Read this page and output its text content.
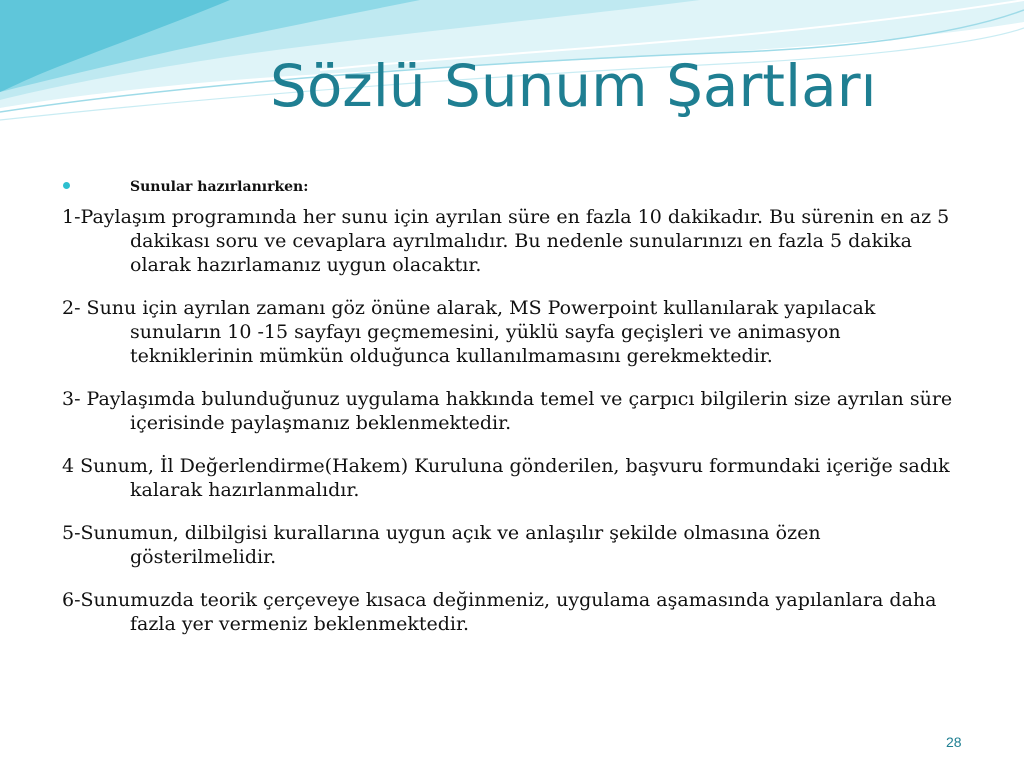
Sözlü Sunum Şartları
Sunular hazırlanırken:

1-Paylaşım programında her sunu için ayrılan süre en fazla 10 dakikadır. Bu sürenin en az 5 dakikası soru ve cevaplara ayrılmalıdır. Bu nedenle sunularınızı en fazla 5 dakika olarak hazırlamanız uygun olacaktır.

2- Sunu için ayrılan zamanı göz önüne alarak, MS Powerpoint kullanılarak yapılacak sunuların 10 -15 sayfayı geçmemesini, yüklü sayfa geçişleri ve animasyon tekniklerinin mümkün olduğunca kullanılmamasını gerekmektedir.

3- Paylaşımda bulunduğunuz uygulama hakkında temel ve çarpıcı bilgilerin size ayrılan süre içerisinde paylaşmanız beklenmektedir.

4 Sunum, İl Değerlendirme(Hakem) Kuruluna gönderilen, başvuru formundaki içeriğe sadık kalarak hazırlanmalıdır.

5-Sunumun, dilbilgisi kurallarına uygun açık ve anlaşılır şekilde olmasına özen gösterilmelidir.

6-Sunumuzda teorik çerçeveye kısaca değinmeniz, uygulama aşamasında yapılanlara daha fazla yer vermeniz beklenmektedir.

28
